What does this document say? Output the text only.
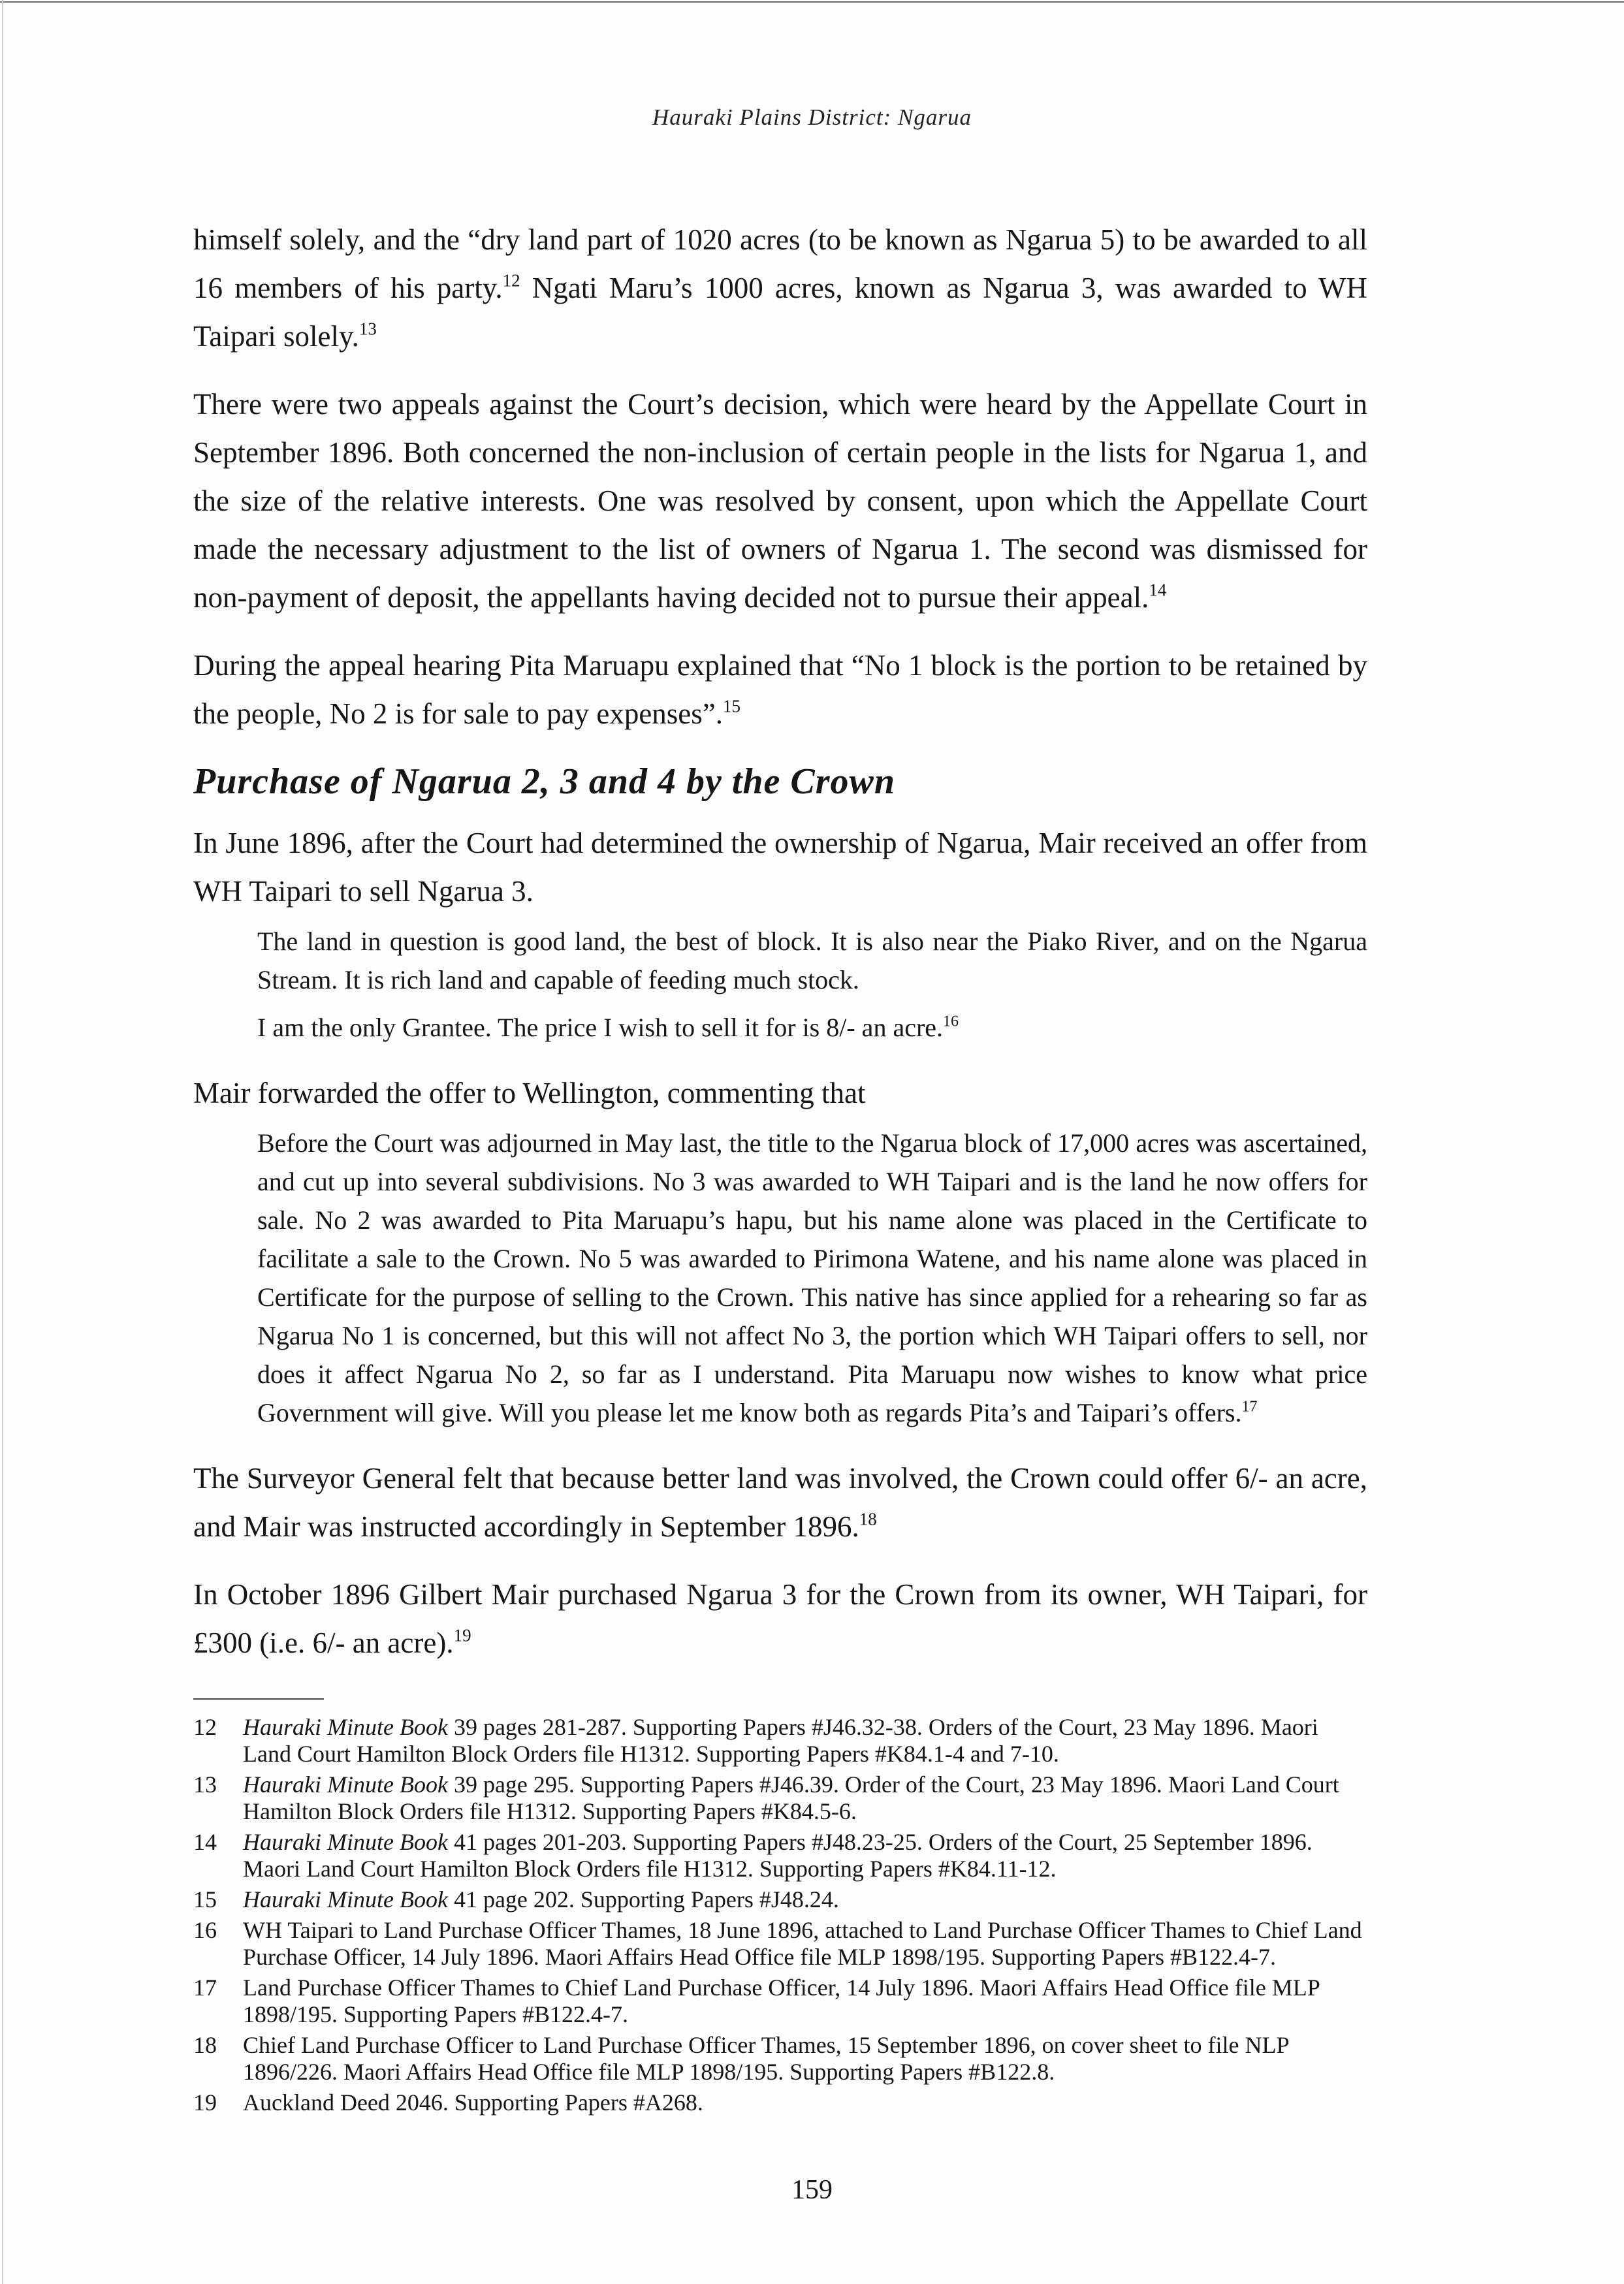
Hauraki Plains District: Ngarua

himself solely, and the “dry land part of 1020 acres (to be known as Ngarua 5) to be awarded to all 16 members of his party.$^{12}$ Ngati Maru’s 1000 acres, known as Ngarua 3, was awarded to WH Taipari solely.$^{13}$

There were two appeals against the Court’s decision, which were heard by the Appellate Court in September 1896. Both concerned the non-inclusion of certain people in the lists for Ngarua 1, and the size of the relative interests. One was resolved by consent, upon which the Appellate Court made the necessary adjustment to the list of owners of Ngarua 1. The second was dismissed for non-payment of deposit, the appellants having decided not to pursue their appeal.$^{14}$

During the appeal hearing Pita Maruapu explained that “No 1 block is the portion to be retained by the people, No 2 is for sale to pay expenses”.$^{15}$

Purchase of Ngarua 2, 3 and 4 by the Crown

In June 1896, after the Court had determined the ownership of Ngarua, Mair received an offer from WH Taipari to sell Ngarua 3.

The land in question is good land, the best of block. It is also near the Piako River, and on the Ngarua Stream. It is rich land and capable of feeding much stock.

I am the only Grantee. The price I wish to sell it for is 8/- an acre.$^{16}$

Mair forwarded the offer to Wellington, commenting that

Before the Court was adjourned in May last, the title to the Ngarua block of 17,000 acres was ascertained, and cut up into several subdivisions. No 3 was awarded to WH Taipari and is the land he now offers for sale. No 2 was awarded to Pita Maruapu’s hapu, but his name alone was placed in the Certificate to facilitate a sale to the Crown. No 5 was awarded to Pirimona Watene, and his name alone was placed in Certificate for the purpose of selling to the Crown. This native has since applied for a rehearing so far as Ngarua No 1 is concerned, but this will not affect No 3, the portion which WH Taipari offers to sell, nor does it affect Ngarua No 2, so far as I understand. Pita Maruapu now wishes to know what price Government will give. Will you please let me know both as regards Pita’s and Taipari’s offers.$^{17}$

The Surveyor General felt that because better land was involved, the Crown could offer 6/- an acre, and Mair was instructed accordingly in September 1896.18

In October 1896 Gilbert Mair purchased Ngarua 3 for the Crown from its owner, WH Taipari, for £300 (i.e. 6/- an acre).$^{19}$

12	Hauraki Minute Book 39 pages 281-287. Supporting Papers #J46.32-38. Orders of the Court, 23 May 1896. Maori Land Court Hamilton Block Orders file H1312. Supporting Papers #K84.1-4 and 7-10.
13	Hauraki Minute Book 39 page 295. Supporting Papers #J46.39. Order of the Court, 23 May 1896. Maori Land Court Hamilton Block Orders file H1312. Supporting Papers #K84.5-6.
14	Hauraki Minute Book 41 pages 201-203. Supporting Papers #J48.23-25. Orders of the Court, 25 September 1896. Maori Land Court Hamilton Block Orders file H1312. Supporting Papers #K84.11-12.
15	Hauraki Minute Book 41 page 202. Supporting Papers #J48.24.
16	WH Taipari to Land Purchase Officer Thames, 18 June 1896, attached to Land Purchase Officer Thames to Chief Land Purchase Officer, 14 July 1896. Maori Affairs Head Office file MLP 1898/195. Supporting Papers #B122.4-7.
17	Land Purchase Officer Thames to Chief Land Purchase Officer, 14 July 1896. Maori Affairs Head Office file MLP 1898/195. Supporting Papers #B122.4-7.
18	Chief Land Purchase Officer to Land Purchase Officer Thames, 15 September 1896, on cover sheet to file NLP 1896/226. Maori Affairs Head Office file MLP 1898/195. Supporting Papers #B122.8.
19	Auckland Deed 2046. Supporting Papers #A268.
159
